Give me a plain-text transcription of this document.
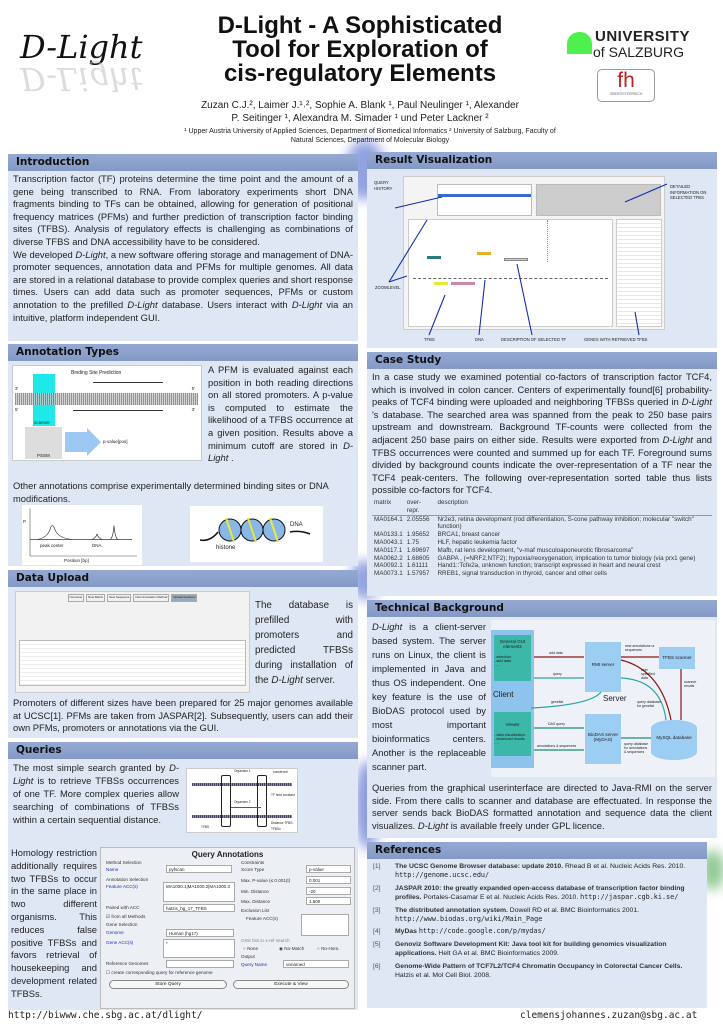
D-Light
D-Light
D-Light - A Sophisticated
Tool for Exploration of
cis-regulatory Elements
Zuzan C.J.², Laimer J.¹˒², Sophie A. Blank ¹, Paul Neulinger ¹, Alexander
P. Seitinger ¹, Alexandra M. Simader ¹ und Peter Lackner ²
¹ Upper Austria University of Applied Sciences, Department of Biomedical Informatics ² University of Salzburg, Faculty of Natural Sciences, Department of Molecular Biology
UNIVERSITY
of SALZBURG
fh
OBERÖSTERREICH
Introduction

Transcription factor (TF) proteins determine the time point and the amount of a gene being transcribed to RNA. From laboratory experiments short DNA fragments binding to TFs can be obtained, allowing for generation of positional frequency matrices (PFMs) and further prediction of transcription factor binding sites (TFBS). Analysis of regulatory effects is challenging as combinations of diverse TFBS and DNA accessibility have to be considered.

We developed D-Light, a new software offering storage and management of DNA-promoter sequences, annotation data and PFMs for multiple genomes. All data are stored in a relational database to provide complex queries and short response times. Users can add data such as promoter sequences, PFMs or custom annotation to the prefilled D-Light database. Users interact with D-Light via an intuitive, platform independent GUI.

Annotation Types
Binding Site Prediction
3'	5'
5'	3'
scanner
PSSM
p-value[pos]
A PFM is evaluated against each position in both reading directions on all stored promoters. A p-value is computed to estimate the likelihood of a TFBS occurrence at a given position. Results above a minimum cutoff are stored in D-Light .
Other annotations comprise experimentally determined binding sites or DNA modifications.
P
peak center	DNA
Position [bp]
DNA
histone
Data Upload
Overview	New Matrix	New Sequence	New Annotation Method	Upload Features
The database is prefilled with promoters and predicted TFBSs during installation of the D-Light server.
Promoters of different sizes have been prepared for 25 major genomes available at UCSC[1]. PFMs are taken from JASPAR[2]. Subsequently, users can add their own PFMs, promoters or annotations via the GUI.
Queries
The most simple search granted by D-Light is to retrieve TFBSs occurrences of one TF. More complex queries allow searching of combinations of TFBSs within a certain sequential distance.
Organism 1	conserved
Organism 2
TF held constant
TFBS
Distance TFBS-TFBSx
Homology restriction additionally requires two TFBSs to occur in the same place in two different organisms. This reduces false positive TFBSs and favors retrieval of housekeeping and development related TFBSs.
Query Annotations
Method Selection
Name	pyfscan
Annotation Selection
Feature ACC(s)	MA1000.1|MA1000.2|MA1000.3
Paired with ACC	hatzis_hg_17_TFBS
☑ from all Methods
Gene Selection
Genome	Human (hg17)
Gene ACC(s)	*
Reference Genomes
☐ create corresponding query for reference genome
Constraints
Score Type	p-value
Max. P-value (≤ 0.001(t)	0.001
Min. Distance	-20
Max. Distance	1.500
Exclusion List
Feature ACC(s)
Omit hits in x-ref search
○ None	◉ No-Match	○ No-Hom.
Output
Query Name	unnamed
Store Query	Execute & View
Result Visualization
QUERY HISTORY	DETAILED INFORMATION ON SELECTED TFBS
ZOOMLEVEL
TFBS	DNA	DESCRIPTION OF SELECTED TF	GENES WITH RETRIEVED TFBS
Case Study
In a case study we examined potential co-factors of transcription factor TCF4, which is involved in colon cancer. Centers of experimentally found[6] probability-peaks of TCF4 binding were uploaded and neighboring TFBSs queried in D-Light 's database. The searched area was spanned from the peak to 250 base pairs upstream and downstream. Background TF-counts were collected from the adjacent 250 base pairs on either side. Results were exported from D-Light and TFBS occurrences were counted and summed up for each TF. Foreground sums divided by background counts indicate the over-representation of a TF near the TCF4 peak-centers. The following over-representation sorted table thus lists possible co-factors for TCF4.
matrix	over-repr.	description
MA0164.1	2.05556	Nr2e3, retina development (rod differentiation, S-cone pathway inhibition; molecular "switch" function)
MA0133.1	1.95652	BRCA1, breast cancer
MA0043.1	1.75	HLF, hepatic leukemia factor
MA0117.1	1.69697	Mafb, rat lens development, "v-maf musculoaponeurotic fibrosarcoma"
MA0062.2	1.68605	GABPA , (=NRF2,NTF2); hypoxia/reoxygenation; implication to tumor biology (via prx1 gene)
MA0092.1	1.61111	Hand1::Tcfe2a, unknown function; transcript expressed in heart and neural crest
MA0073.1	1.57957	RREB1, signal transduction in thyroid, cancer and other cells
Technical Background
D-Light is a client-server based system. The server runs on Linux, the client is implemented in Java and thus OS independent. One key feature is the use of BioDAS protocol used by most important bioinformatics centers. Another is the replaceable scanner part.
General GUI elements
- selection
- add data
- ...
Client
Viewer
- data visualization
- download results
- ...
RMI server
Server
BioDAS server (MyDAS)
TFBS scanner
MySQL database
add data
query
genelist
DAS query
annotations & sequences
new annotations or sequences
user specified data
scanner results
query database for genelist
query database for annotations & sequences
Queries from the graphical userinterface are directed to Java-RMI on the server side. From there calls to scanner and database are effectuated. In response the server sends back BioDAS formatted annotation and sequence data the client visualizes. D-Light is available freely under GPL licence.
References
[1]	The UCSC Genome Browser database: update 2010. Rhead B et al. Nucleic Acids Res. 2010. http://genome.ucsc.edu/
[2]	JASPAR 2010: the greatly expanded open-access database of transcription factor binding profiles. Portales-Casamar E et al. Nucleic Acids Res. 2010. http://jaspar.cgb.ki.se/
[3]	The distributed annotation system. Dowell RD et al. BMC Bioinformatics 2001. http://www.biodas.org/wiki/Main_Page
[4]	MyDas http://code.google.com/p/mydas/
[5]	Genoviz Software Development Kit: Java tool kit for building genomics visualization applications. Helt GA et al. BMC Bioinformatics 2009.
[6]	Genome-Wide Pattern of TCF7L2/TCF4 Chromatin Occupancy in Colorectal Cancer Cells. Hatzis et al. Mol Cell Biol. 2008.
http://biwww.che.sbg.ac.at/dlight/	clemensjohannes.zuzan@sbg.ac.at
